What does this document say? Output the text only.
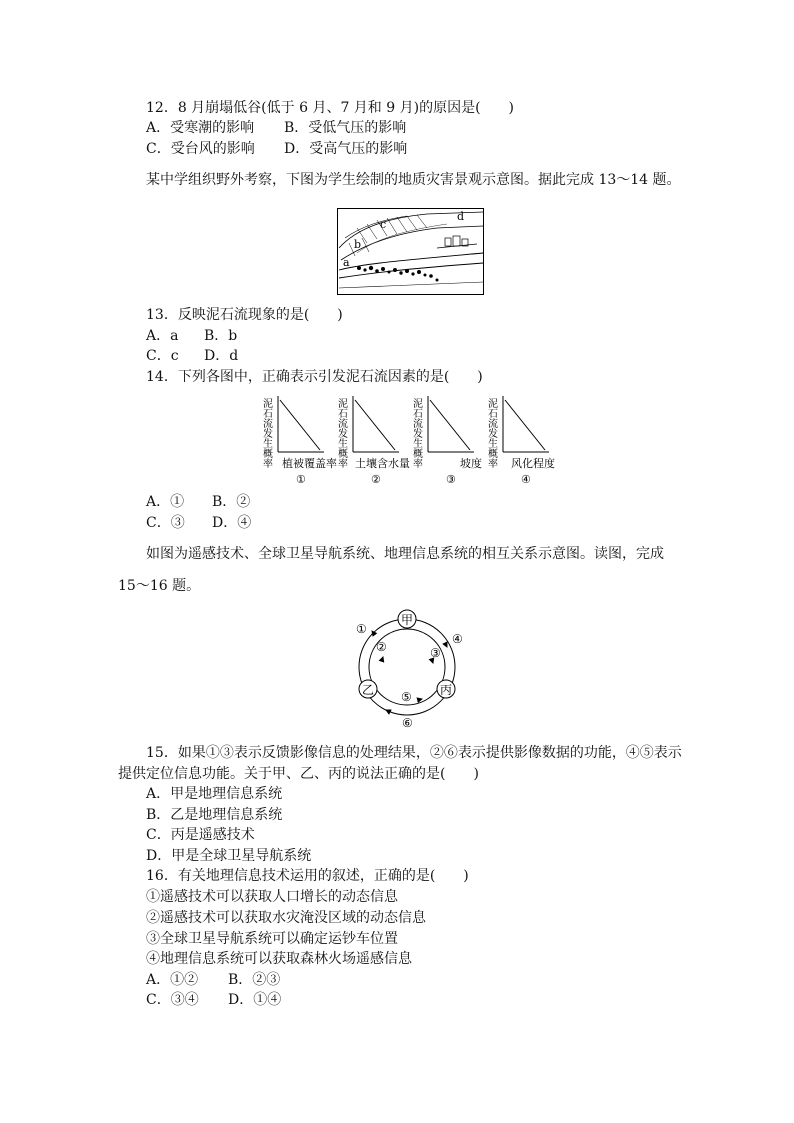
12．8 月崩塌低谷(低于 6 月、7 月和 9 月)的原因是(　　)
A．受寒潮的影响 B．受低气压的影响
C．受台风的影响 D．受高气压的影响
某中学组织野外考察，下图为学生绘制的地质灾害景观示意图。据此完成 13～14 题。
a
b
c
d
13．反映泥石流现象的是(　　)
A．a B．b
C．c D．d
14．下列各图中，正确表示引发泥石流因素的是(　　)
泥石流发生概率 植被覆盖率
①
泥石流发生概率 土壤含水量
②
泥石流发生概率	坡度
③
泥石流发生概率 风化程度
④
A．① B．②
C．③ D．④
如图为遥感技术、全球卫星导航系统、地理信息系统的相互关系示意图。读图，完成
15～16 题。
甲
乙	丙
①
②	③
④
⑤
⑥
15．如果①③表示反馈影像信息的处理结果，②⑥表示提供影像数据的功能，④⑤表示
提供定位信息功能。关于甲、乙、丙的说法正确的是(　　)
A．甲是地理信息系统
B．乙是地理信息系统
C．丙是遥感技术
D．甲是全球卫星导航系统
16．有关地理信息技术运用的叙述，正确的是(　　)
①遥感技术可以获取人口增长的动态信息
②遥感技术可以获取水灾淹没区域的动态信息
③全球卫星导航系统可以确定运钞车位置
④地理信息系统可以获取森林火场遥感信息
A．①② B．②③
C．③④ D．①④
